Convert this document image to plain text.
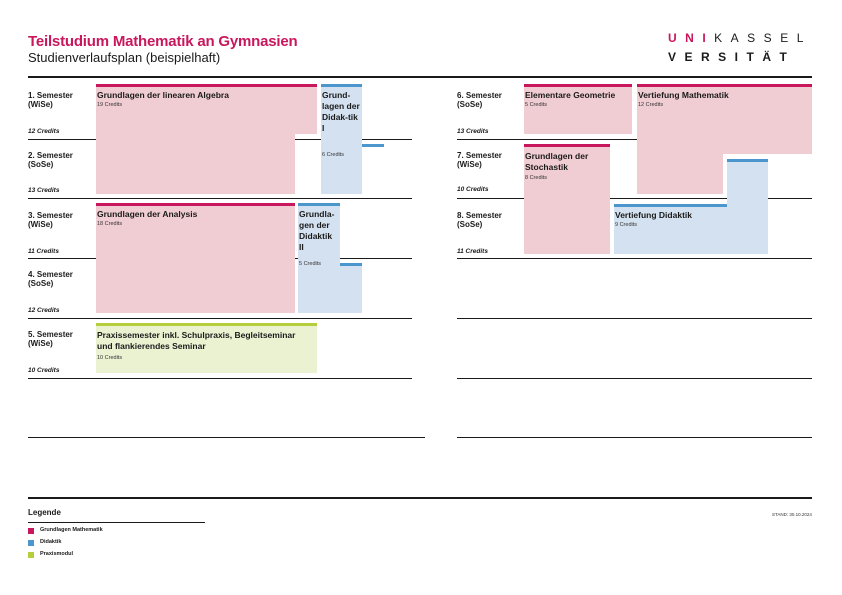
Teilstudium Mathematik an Gymnasien
Studienverlaufsplan (beispielhaft)
UNIKASSEL
VERSITÄT
1. Semester
(WiSe)
12 Credits
2. Semester
(SoSe)
13 Credits
3. Semester
(WiSe)
11 Credits
4. Semester
(SoSe)
12 Credits
5. Semester
(WiSe)
10 Credits
Grundlagen der linearen Algebra
19 Credits
Grund-lagen der Didak-tik I
6 Credits
Grundlagen der Analysis
18 Credits
Grundla-gen der Didaktik II
5 Credits
Praxissemester inkl. Schulpraxis, Begleitseminar und flankierendes Seminar
10 Credits
6. Semester
(SoSe)
13 Credits
7. Semester
(WiSe)
10 Credits
8. Semester
(SoSe)
11 Credits
Elementare Geometrie
5 Credits
Vertiefung Mathematik
12 Credits
Grundlagen der Stochastik
8 Credits
Vertiefung Didaktik
9 Credits
Legende
Grundlagen Mathematik
Didaktik
Praxismodul
STAND: 30.10.2024
